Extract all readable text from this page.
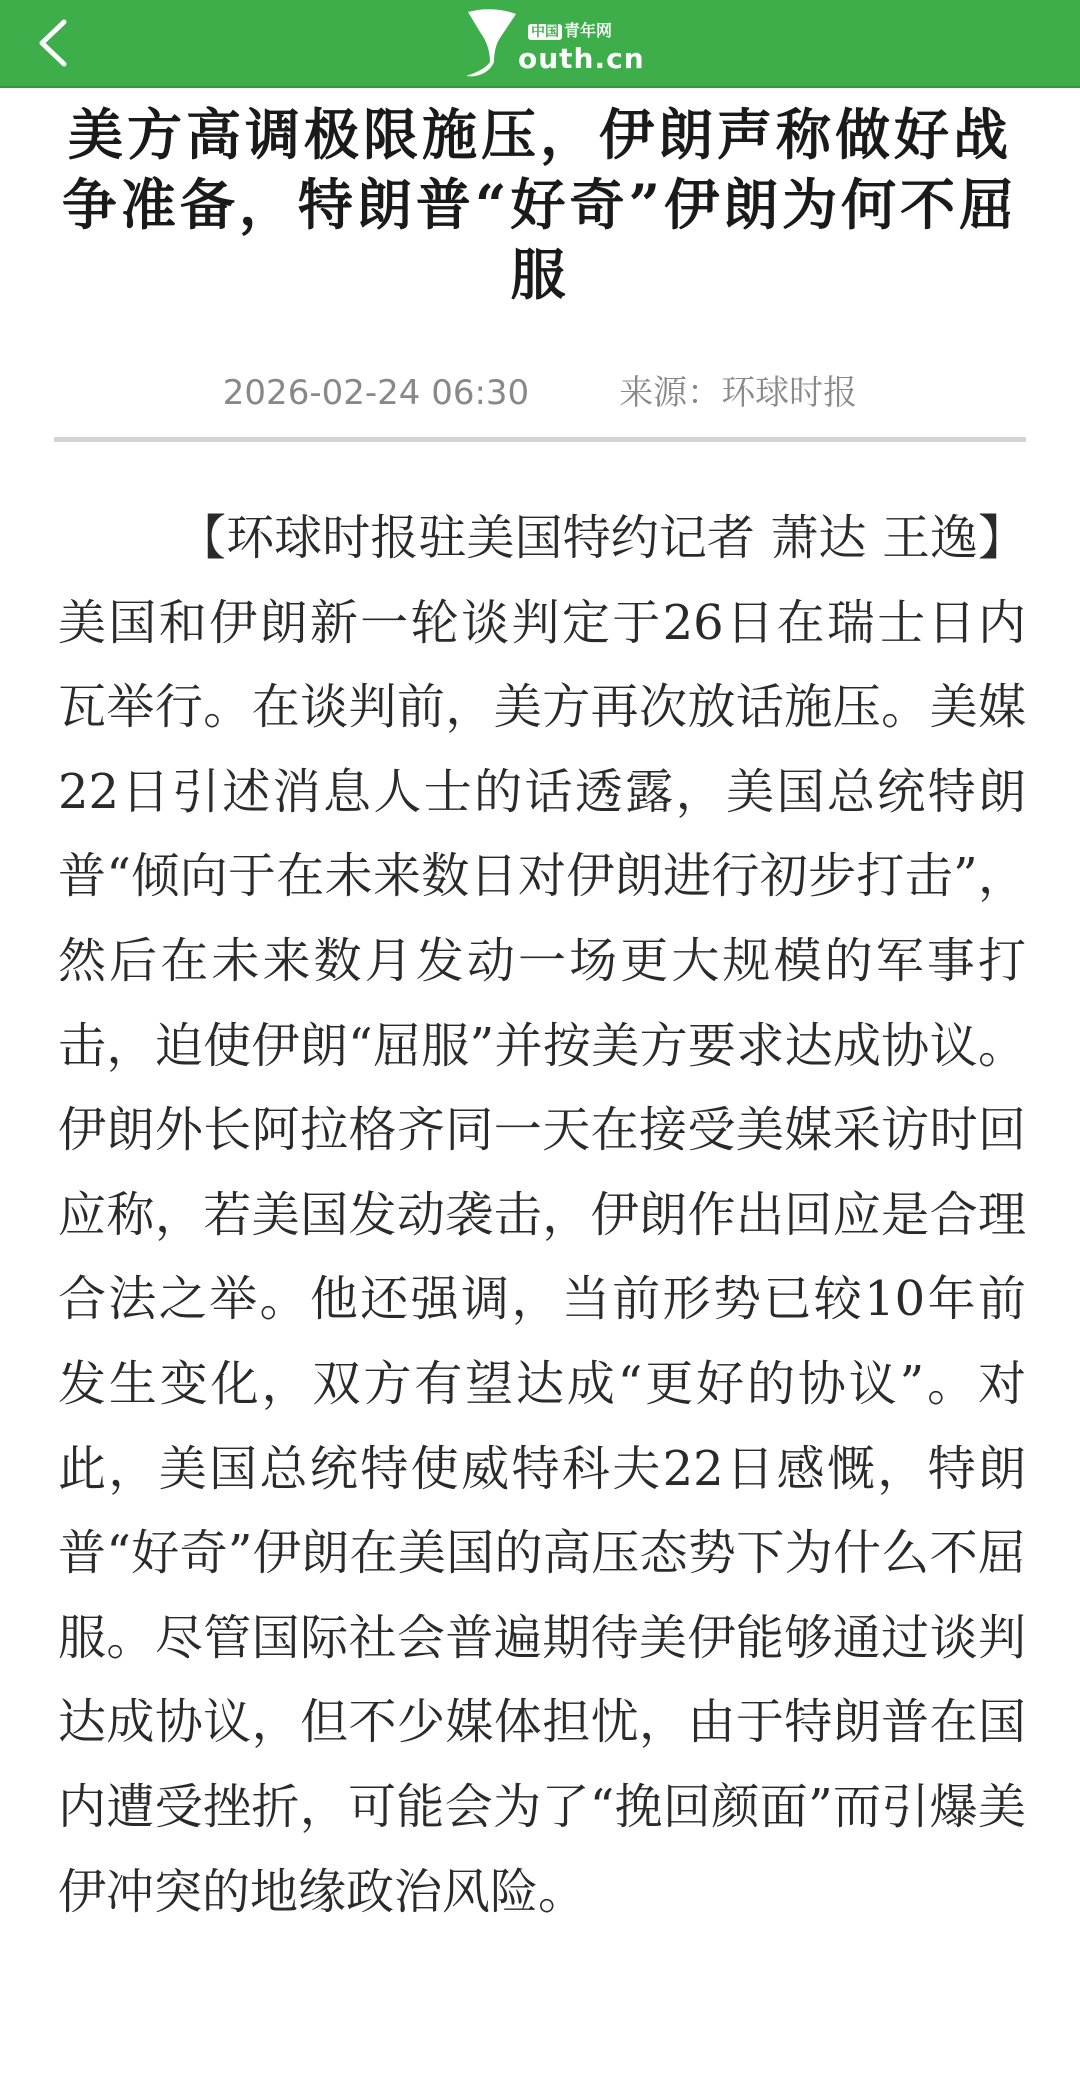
中国 青年网
outh.cn
美方高调极限施压，伊朗声称做好战争准备，特朗普“好奇”伊朗为何不屈服
2026-02-24 06:30	来源：环球时报

【环球时报驻美国特约记者 萧达 王逸】美国和伊朗新一轮谈判定于26日在瑞士日内瓦举行。在谈判前，美方再次放话施压。美媒22日引述消息人士的话透露，美国总统特朗普“倾向于在未来数日对伊朗进行初步打击”，然后在未来数月发动一场更大规模的军事打击，迫使伊朗“屈服”并按美方要求达成协议。伊朗外长阿拉格齐同一天在接受美媒采访时回应称，若美国发动袭击，伊朗作出回应是合理合法之举。他还强调，当前形势已较10年前发生变化，双方有望达成“更好的协议”。对此，美国总统特使威特科夫22日感慨，特朗普“好奇”伊朗在美国的高压态势下为什么不屈服。尽管国际社会普遍期待美伊能够通过谈判达成协议，但不少媒体担忧，由于特朗普在国内遭受挫折，可能会为了“挽回颜面”而引爆美伊冲突的地缘政治风险。
